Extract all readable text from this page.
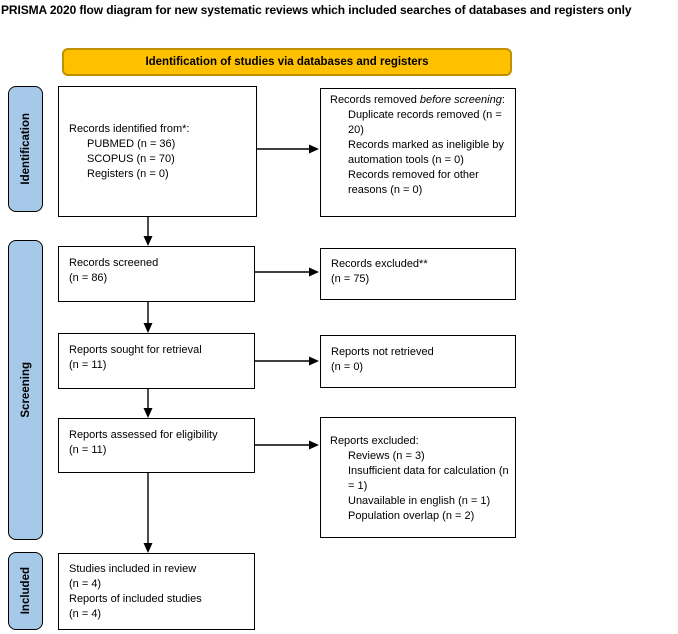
PRISMA 2020 flow diagram for new systematic reviews which included searches of databases and registers only
Identification of studies via databases and registers
Identification
Screening
Included
Records identified from*:
PUBMED (n = 36)
SCOPUS (n = 70)
Registers (n = 0)
Records removed before screening:
Duplicate records removed (n = 20)
Records marked as ineligible by automation tools (n = 0)
Records removed for other reasons (n = 0)
Records screened
(n = 86)
Records excluded**
(n = 75)
Reports sought for retrieval
(n = 11)
Reports not retrieved
(n = 0)
Reports assessed for eligibility
(n = 11)
Reports excluded:
Reviews (n = 3)
Insufficient data for calculation (n = 1)
Unavailable in english (n = 1)
Population overlap (n = 2)
Studies included in review
(n = 4)
Reports of included studies
(n = 4)
